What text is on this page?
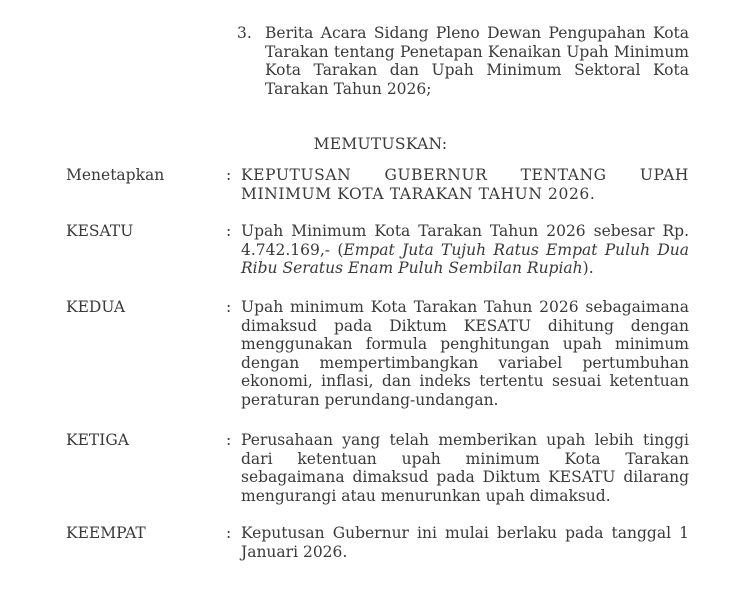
3. Berita Acara Sidang Pleno Dewan Pengupahan Kota Tarakan tentang Penetapan Kenaikan Upah Minimum Kota Tarakan dan Upah Minimum Sektoral Kota Tarakan Tahun 2026;
MEMUTUSKAN:
Menetapkan	: KEPUTUSAN GUBERNUR TENTANG UPAH MINIMUM KOTA TARAKAN TAHUN 2026.
KESATU	: Upah Minimum Kota Tarakan Tahun 2026 sebesar Rp. 4.742.169,- (Empat Juta Tujuh Ratus Empat Puluh Dua Ribu Seratus Enam Puluh Sembilan Rupiah).
KEDUA	: Upah minimum Kota Tarakan Tahun 2026 sebagaimana dimaksud pada Diktum KESATU dihitung dengan menggunakan formula penghitungan upah minimum dengan mempertimbangkan variabel pertumbuhan ekonomi, inflasi, dan indeks tertentu sesuai ketentuan peraturan perundang-undangan.
KETIGA	: Perusahaan yang telah memberikan upah lebih tinggi dari ketentuan upah minimum Kota Tarakan sebagaimana dimaksud pada Diktum KESATU dilarang mengurangi atau menurunkan upah dimaksud.
KEEMPAT	: Keputusan Gubernur ini mulai berlaku pada tanggal 1 Januari 2026.
